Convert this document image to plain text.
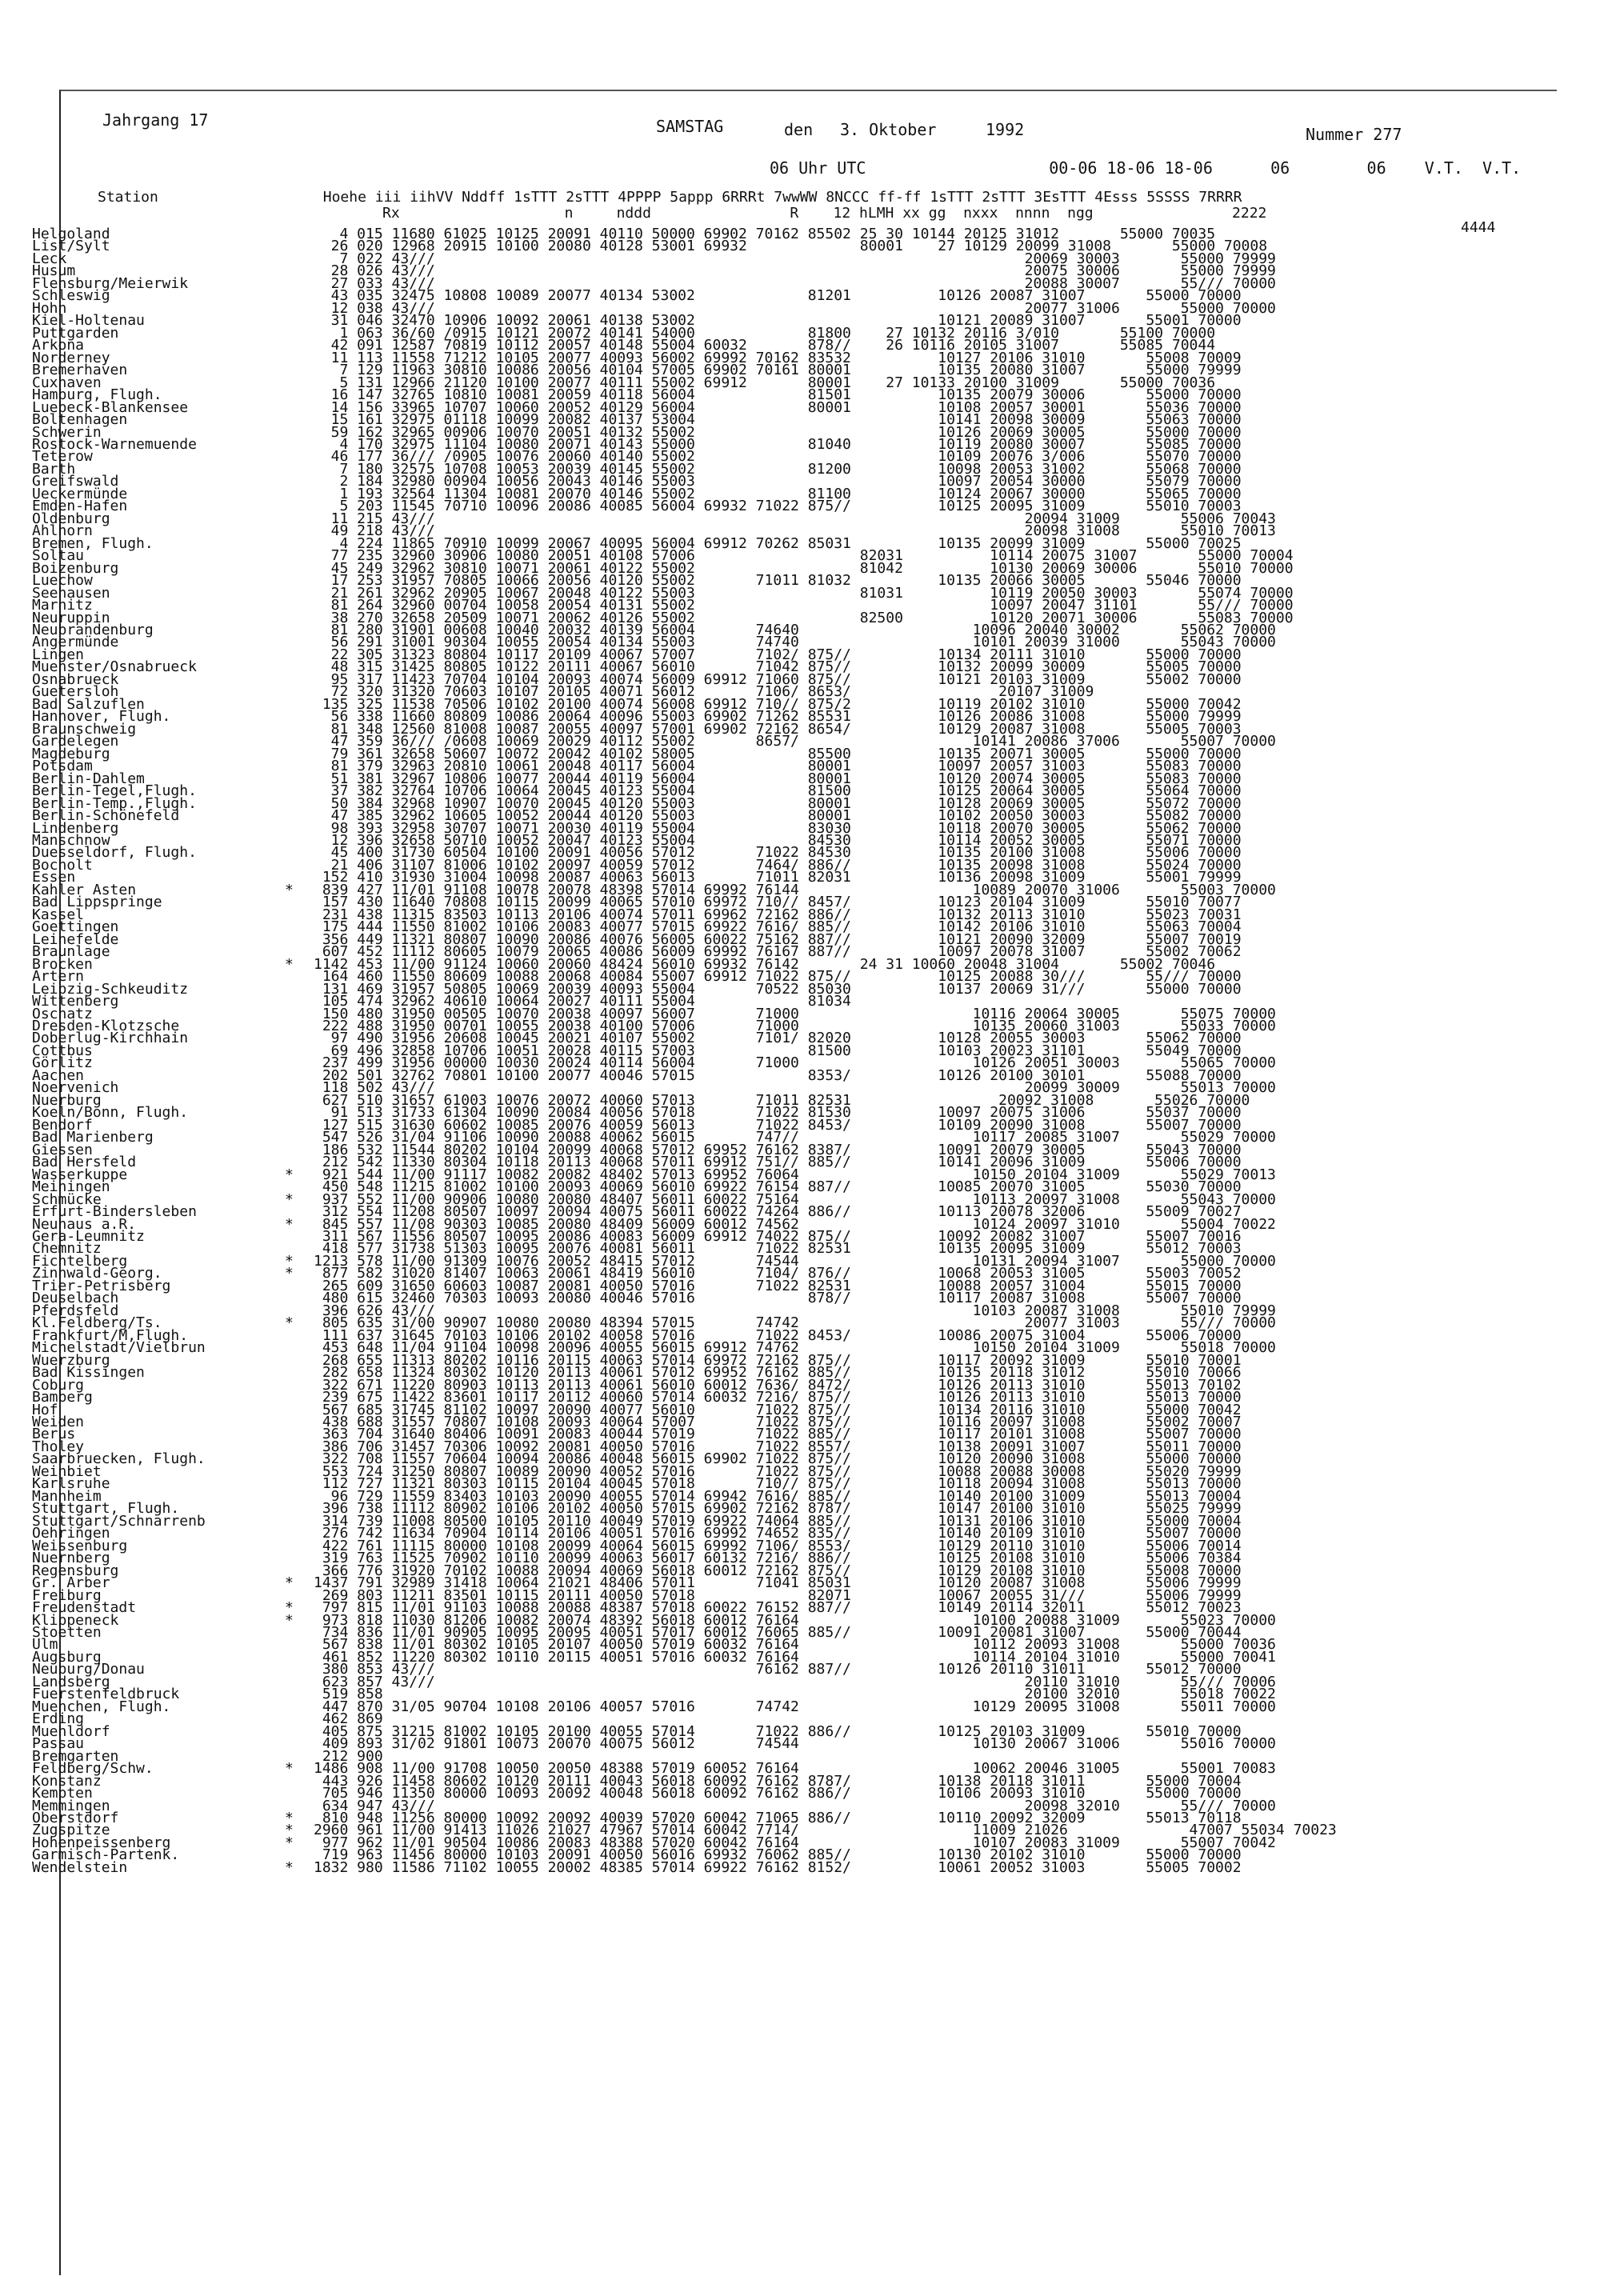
Jahrgang 17	SAMSTAG	den 3. Oktober	1992	Nummer 277
06 Uhr UTC                   00-06 18-06 18-06      06        06    V.T.  V.T.
Station                   Hoehe iii iihVV Nddff 1sTTT 2sTTT 4PPPP 5appp 6RRRt 7wwWW 8NCCC ff-ff 1sTTT 2sTTT 3EsTTT 4Esss 5SSSS 7RRRR
Rx                   n     nddd                R    12 hLMH xx gg  nxxx  nnnn  ngg                2222
4444
Helgoland	4 015 11680 61025 10125 20091 40110 50000 69902 70162 85502 25 30 10144 20125 31012       55000 70035
List/Sylt	26 020 12968 20915 10100 20080 40128 53001 69932             80001    27 10129 20099 31008       55000 70008
Leck	7 022 43///                                                                    20069 30003       55000 79999
Husum	28 026 43///                                                                    20075 30006       55000 79999
Flensburg/Meierwik	27 033 43///                                                                    20088 30007       55/// 70000
Schleswig	43 035 32475 10808 10089 20077 40134 53002             81201          10126 20087 31007       55000 70000
Hohn	12 038 43///                                                                    20077 31006       55000 70000
Kiel-Holtenau	31 046 32470 10906 10092 20061 40138 53002                            10121 20089 31007       55001 70000
Puttgarden	1 063 36/60 /0915 10121 20072 40141 54000             81800    27 10132 20116 3/010       55100 70000
Arkona	42 091 12587 70819 10112 20057 40148 55004 60032       878//    26 10116 20105 31007       55085 70044
Norderney	11 113 11558 71212 10105 20077 40093 56002 69992 70162 83532          10127 20106 31010       55008 70009
Bremerhaven	7 129 11963 30810 10086 20056 40104 57005 69902 70161 80001          10135 20080 31007       55000 79999
Cuxhaven	5 131 12966 21120 10100 20077 40111 55002 69912       80001    27 10133 20100 31009       55000 70036
Hamburg, Flugh.	16 147 32765 10810 10081 20059 40118 56004             81501          10135 20079 30006       55000 70000
Luebeck-Blankensee	14 156 33965 10707 10060 20052 40129 56004             80001          10108 20057 30001       55036 70000
Boltenhagen	15 161 32975 01118 10099 20082 40137 53004                            10141 20098 30009       55063 70000
Schwerin	59 162 32965 00906 10070 20051 40132 55002                            10126 20069 30005       55000 70000
Rostock-Warnemuende	4 170 32975 11104 10080 20071 40143 55000             81040          10119 20080 30007       55085 70000
Teterow	46 177 36/// /0905 10076 20060 40140 55002                            10109 20076 3/006       55070 70000
Barth	7 180 32575 10708 10053 20039 40145 55002             81200          10098 20053 31002       55068 70000
Greifswald	2 184 32980 00904 10056 20043 40146 55003                            10097 20054 30000       55079 70000
Ueckermünde	1 193 32564 11304 10081 20070 40146 55002             81100          10124 20067 30000       55065 70000
Emden-Hafen	5 203 11545 70710 10096 20086 40085 56004 69932 71022 875//          10125 20095 31009       55010 70003
Oldenburg	11 215 43///                                                                    20094 31009       55006 70043
Ahlhorn	49 218 43///                                                                    20098 31008       55010 70013
Bremen, Flugh.	4 224 11865 70910 10099 20067 40095 56004 69912 70262 85031          10135 20099 31009       55000 70025
Soltau	77 235 32960 30906 10080 20051 40108 57006                   82031          10114 20075 31007       55000 70004
Boizenburg	45 249 32962 30810 10071 20061 40122 55002                   81042          10130 20069 30006       55010 70000
Luechow	17 253 31957 70805 10066 20056 40120 55002       71011 81032          10135 20066 30005       55046 70000
Seehausen	21 261 32962 20905 10067 20048 40122 55003                   81031          10119 20050 30003       55074 70000
Marnitz	81 264 32960 00704 10058 20054 40131 55002                                  10097 20047 31101       55/// 70000
Neuruppin	38 270 32658 20509 10071 20062 40126 55002                   82500          10120 20071 30006       55083 70000
Neubrandenburg	81 280 31901 00608 10040 20032 40139 56004       74640                    10096 20040 30002       55062 70000
Angermünde	56 291 31001 90304 10055 20054 40134 55003       74740                    10101 20039 31000       55043 70000
Lingen	22 305 31323 80804 10117 20109 40067 57007       7102/ 875//          10134 20111 31010       55000 70000
Muenster/Osnabrueck	48 315 31425 80805 10122 20111 40067 56010       71042 875//          10132 20099 30009       55005 70000
Osnabrueck	95 317 11423 70704 10104 20093 40074 56009 69912 71060 875//          10121 20103 31009       55002 70000
Guetersloh	72 320 31320 70603 10107 20105 40071 56012       7106/ 8653/                 20107 31009
Bad Salzuflen	135 325 11538 70506 10102 20100 40074 56008 69912 710// 875/2          10119 20102 31010       55000 70042
Hannover, Flugh.	56 338 11660 80809 10086 20064 40096 55003 69902 71262 85531          10126 20086 31008       55000 79999
Braunschweig	81 348 12560 81008 10087 20055 40097 57001 69902 72162 8654/          10129 20087 31008       55005 70003
Gardelegen	47 359 36/// /0608 10069 20029 40112 55002       8657/                    10141 20086 37006       55007 70000
Magdeburg	79 361 32658 50607 10072 20042 40102 58005             85500          10135 20071 30005       55000 70000
Potsdam	81 379 32963 20810 10061 20048 40117 56004             80001          10097 20057 31003       55083 70000
Berlin-Dahlem	51 381 32967 10806 10077 20044 40119 56004             80001          10120 20074 30005       55083 70000
Berlin-Tegel,Flugh.	37 382 32764 10706 10064 20045 40123 55004             81500          10125 20064 30005       55064 70000
Berlin-Temp.,Flugh.	50 384 32968 10907 10070 20045 40120 55003             80001          10128 20069 30005       55072 70000
Berlin-Schönefeld	47 385 32962 10605 10052 20044 40120 55003             80001          10102 20050 30003       55082 70000
Lindenberg	98 393 32958 30707 10071 20030 40119 55004             83030          10118 20070 30005       55062 70000
Manschnow	12 396 32658 50710 10052 20047 40123 55004             84530          10114 20052 30005       55071 70000
Duesseldorf, Flugh.	45 400 31730 60504 10100 20091 40056 57012       71022 84530          10135 20100 31008       55006 70000
Bocholt	21 406 31107 81006 10102 20097 40059 57012       7464/ 886//          10135 20098 31008       55024 70000
Essen	152 410 31930 31004 10098 20087 40063 56013       71011 82031          10136 20098 31009       55001 79999
Kahler Asten	* 839 427 11/01 91108 10078 20078 48398 57014 69992 76144                    10089 20070 31006       55003 70000
Bad Lippspringe	157 430 11640 70808 10115 20099 40065 57010 69972 710// 8457/          10123 20104 31009       55010 70077
Kassel	231 438 11315 83503 10113 20106 40074 57011 69962 72162 886//          10132 20113 31010       55023 70031
Goettingen	175 444 11550 81002 10106 20083 40077 57015 69922 7616/ 885//          10142 20106 31010       55063 70004
Leinefelde	356 449 11321 80807 10090 20086 40076 56005 60022 75162 887//          10121 20090 32009       55007 70019
Braunlage	607 452 11112 80605 10079 20065 40086 56009 69992 76167 887//          10097 20078 31007       55002 70062
Brocken	* 1142 453 11/00 91124 10060 20060 48424 56010 69932 76142       24 31 10060 20048 31004       55002 70046
Artern	164 460 11550 80609 10088 20068 40084 55007 69912 71022 875//          10125 20088 30///       55/// 70000
Leipzig-Schkeuditz	131 469 31957 50805 10069 20039 40093 55004       70522 85030          10137 20069 31///       55000 70000
Wittenberg	105 474 32962 40610 10064 20027 40111 55004             81034
Oschatz	150 480 31950 00505 10070 20038 40097 56007       71000                    10116 20064 30005       55075 70000
Dresden-Klotzsche	222 488 31950 00701 10055 20038 40100 57006       71000                    10135 20060 31003       55033 70000
Doberlug-Kirchhain	97 490 31956 20608 10045 20021 40107 55002       7101/ 82020          10128 20055 30003       55062 70000
Cottbus	69 496 32858 10706 10051 20028 40115 57003             81500          10103 20023 31101       55049 70000
Görlitz	237 499 31956 00000 10030 20024 40114 56004       71000                    10126 20051 30003       55065 70000
Aachen	202 501 32762 70801 10100 20077 40046 57015             8353/          10126 20100 30101       55088 70000
Noervenich	118 502 43///                                                                    20099 30009       55013 70000
Nuerburg	627 510 31657 61003 10076 20072 40060 57013       71011 82531                 20092 31008       55026 70000
Koeln/Bonn, Flugh.	91 513 31733 61304 10090 20084 40056 57018       71022 81530          10097 20075 31006       55037 70000
Bendorf	127 515 31630 60602 10085 20076 40059 56013       71022 8453/          10109 20090 31008       55007 70000
Bad Marienberg	547 526 31/04 91106 10090 20088 40062 56015       747//                    10117 20085 31007       55029 70000
Giessen	186 532 11544 80202 10104 20099 40068 57012 69952 76162 8387/          10091 20079 30005       55043 70000
Bad Hersfeld	212 542 11330 80304 10118 20113 40068 57011 69912 751// 885//          10141 20096 31009       55006 70000
Wasserkuppe	* 921 544 11/00 91117 10082 20082 48402 57013 69952 76064                    10150 20104 31009       55029 70013
Meiningen	450 548 11215 81002 10100 20093 40069 56010 69922 76154 887//          10085 20070 31005       55030 70000
Schmücke	* 937 552 11/00 90906 10080 20080 48407 56011 60022 75164                    10113 20097 31008       55043 70000
Erfurt-Bindersleben	312 554 11208 80507 10097 20094 40075 56011 60022 74264 886//          10113 20078 32006       55009 70027
Neuhaus a.R.	* 845 557 11/08 90303 10085 20080 48409 56009 60012 74562                    10124 20097 31010       55004 70022
Gera-Leumnitz	311 567 11556 80507 10095 20086 40083 56009 69912 74022 875//          10092 20082 31007       55007 70016
Chemnitz	418 577 31738 51303 10095 20076 40081 56011       71022 82531          10135 20095 31009       55012 70003
Fichtelberg	* 1213 578 11/00 91309 10076 20052 48415 57012       74544                    10131 20094 31007       55000 70000
Zinnwald-Georg.	* 877 582 31020 81407 10063 20061 48419 56010       7104/ 876//          10068 20053 31005       55003 70052
Trier-Petrisberg	265 609 31650 60603 10087 20081 40050 57016       71022 82531          10088 20057 31004       55015 70000
Deuselbach	480 615 32460 70303 10093 20080 40046 57016             878//          10117 20087 31008       55007 70000
Pferdsfeld	396 626 43///                                                              10103 20087 31008       55010 79999
Kl.Feldberg/Ts.	* 805 635 31/00 90907 10080 20080 48394 57015       74742                          20077 31003       55/// 70000
Frankfurt/M,Flugh.	111 637 31645 70103 10106 20102 40058 57016       71022 8453/          10086 20075 31004       55006 70000
Michelstadt/Vielbrun	453 648 11/04 91104 10098 20096 40055 56015 69912 74762                    10150 20104 31009       55018 70000
Wuerzburg	268 655 11313 80202 10116 20115 40063 57014 69972 72162 875//          10117 20092 31009       55010 70001
Bad Kissingen	282 658 11324 80302 10120 20113 40061 57012 69952 76162 885//          10135 20118 31012       55010 70066
Coburg	322 671 11220 80903 10113 20113 40061 56010 60012 7636/ 8472/          10126 20113 31010       55013 70102
Bamberg	239 675 11422 83601 10117 20112 40060 57014 60032 7216/ 875//          10126 20113 31010       55013 70000
Hof	567 685 31745 81102 10097 20090 40077 56010       71022 875//          10134 20116 31010       55000 70042
Weiden	438 688 31557 70807 10108 20093 40064 57007       71022 875//          10116 20097 31008       55002 70007
Berus	363 704 31640 80406 10091 20083 40044 57019       71022 885//          10117 20101 31008       55007 70000
Tholey	386 706 31457 70306 10092 20081 40050 57016       71022 8557/          10138 20091 31007       55011 70000
Saarbruecken, Flugh.	322 708 11557 70604 10094 20086 40048 56015 69902 71022 875//          10120 20090 31008       55000 70000
Weinbiet	553 724 31250 80807 10089 20090 40052 57016       71022 875//          10088 20088 30008       55020 79999
Karlsruhe	112 727 11321 80303 10115 20104 40045 57018       710// 875//          10118 20094 31008       55013 70000
Mannheim	96 729 11559 83403 10103 20090 40055 57014 69942 7616/ 885//          10140 20100 31009       55013 70004
Stuttgart, Flugh.	396 738 11112 80902 10106 20102 40050 57015 69902 72162 8787/          10147 20100 31010       55025 79999
Stuttgart/Schnarrenb	314 739 11008 80500 10105 20110 40049 57019 69922 74064 885//          10131 20106 31010       55000 70004
Oehringen	276 742 11634 70904 10114 20106 40051 57016 69992 74652 835//          10140 20109 31010       55007 70000
Weissenburg	422 761 11115 80000 10108 20099 40064 56015 69992 7106/ 8553/          10129 20110 31010       55006 70014
Nuernberg	319 763 11525 70902 10110 20099 40063 56017 60132 7216/ 886//          10125 20108 31010       55006 70384
Regensburg	366 776 31920 70102 10088 20094 40069 56018 60012 72162 875//          10129 20108 31010       55008 70000
Gr. Arber	* 1437 791 32989 31418 10064 21021 48406 57011       71041 85031          10120 20087 31008       55006 79999
Freiburg	269 803 11211 83501 10115 20111 40050 57018             82071          10067 20055 31///       55006 79999
Freudenstadt	* 797 815 11/01 91103 10088 20088 48387 57018 60022 76152 887//          10149 20114 32011       55012 70023
Klippeneck	* 973 818 11030 81206 10082 20074 48392 56018 60012 76164                    10100 20088 31009       55023 70000
Stoetten	734 836 11/01 90905 10095 20095 40051 57017 60012 76065 885//          10091 20081 31007       55000 70044
Ulm	567 838 11/01 80302 10105 20107 40050 57019 60032 76164                    10112 20093 31008       55000 70036
Augsburg	461 852 11220 80302 10110 20115 40051 57016 60032 76164                    10114 20104 31010       55000 70041
Neuburg/Donau	380 853 43///                                     76162 887//          10126 20110 31011       55012 70000
Landsberg	623 857 43///                                                                    20110 31010       55/// 70006
Fuerstenfeldbruck	519 858                                                                          20100 32010       55018 70022
Muenchen, Flugh.	447 870 31/05 90704 10108 20106 40057 57016       74742                    10129 20095 31008       55011 70000
Erding	462 869
Muehldorf	405 875 31215 81002 10105 20100 40055 57014       71022 886//          10125 20103 31009       55010 70000
Passau	409 893 31/02 91801 10073 20070 40075 56012       74544                    10130 20067 31006       55016 70000
Bremgarten	212 900
Feldberg/Schw.	* 1486 908 11/00 91708 10050 20050 48388 57019 60052 76164                    10062 20046 31005       55001 70083
Konstanz	443 926 11458 80602 10120 20111 40043 56018 60092 76162 8787/          10138 20118 31011       55000 70004
Kempten	705 946 11350 80000 10093 20092 40048 56018 60092 76162 886//          10106 20093 31010       55000 70000
Memmingen	634 947 43///                                                                    20098 32010       55/// 70000
Oberstdorf	* 810 948 11256 80000 10092 20092 40039 57020 60042 71065 886//          10110 20092 32009       55013 70118
Zugspitze	* 2960 961 11/00 91413 11026 21027 47967 57014 60042 7714/                    11009 21026              47007 55034 70023
Hohenpeissenberg	* 977 962 11/01 90504 10086 20083 48388 57020 60042 76164                    10107 20083 31009       55007 70042
Garmisch-Partenk.	719 963 11456 80000 10103 20091 40050 56016 69932 76062 885//          10130 20102 31010       55000 70000
Wendelstein	* 1832 980 11586 71102 10055 20002 48385 57014 69922 76162 8152/          10061 20052 31003       55005 70002
